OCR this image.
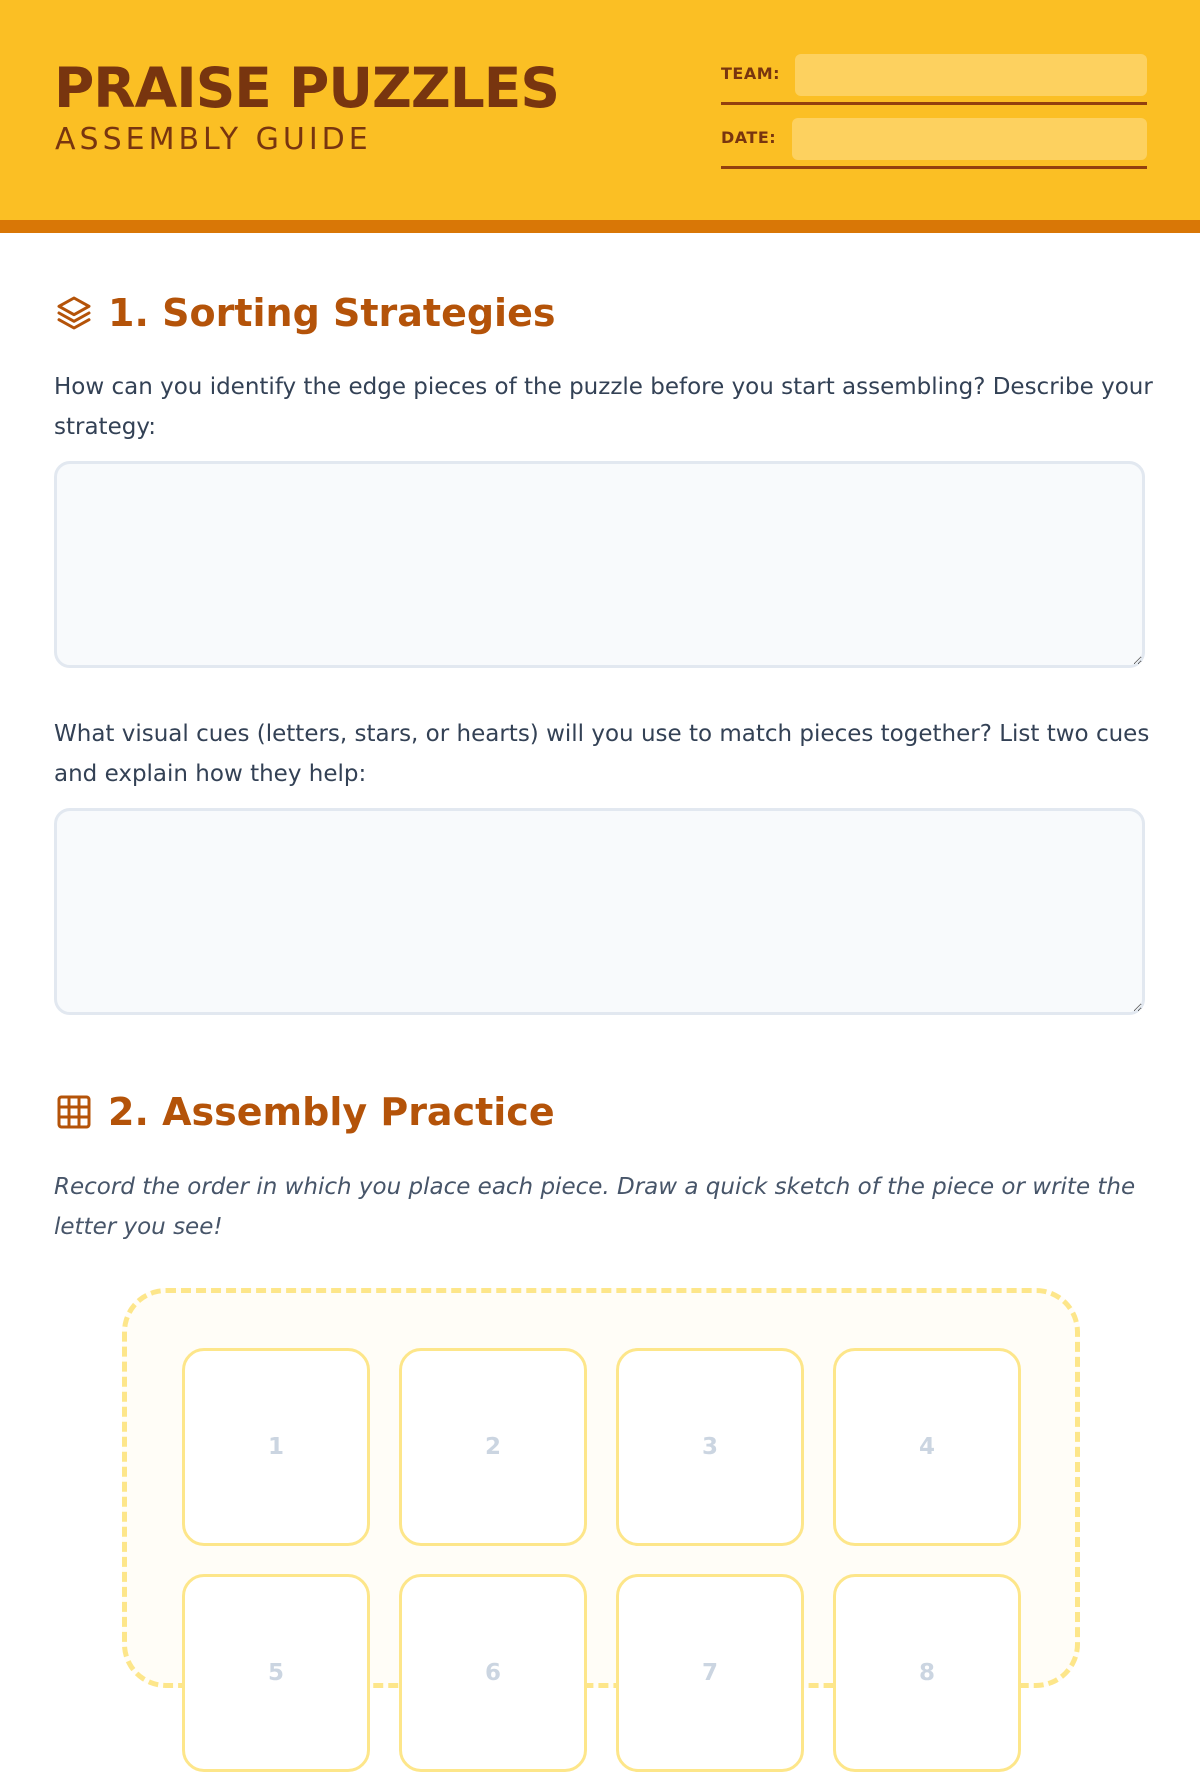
PRAISE PUZZLES
ASSEMBLY GUIDE
TEAM:
DATE:
1. Sorting Strategies
How can you identify the edge pieces of the puzzle before you start assembling? Describe your strategy:
What visual cues (letters, stars, or hearts) will you use to match pieces together? List two cues and explain how they help:
2. Assembly Practice
Record the order in which you place each piece. Draw a quick sketch of the piece or write the letter you see!
1	2	3	4
5	6	7	8
